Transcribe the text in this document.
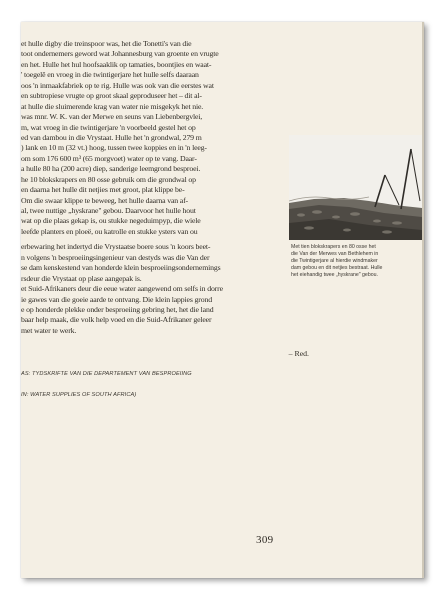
et hulle digby die treinspoor was, het die Tonetti's van die
toot ondernemers geword wat Johannesburg van groente en vrugte
en het. Hulle het hul hoofsaaklik op tamaties, boontjies en waat-
' toegelê en vroeg in die twintigerjare het hulle selfs daaraan
oos 'n inmaakfabriek op te rig. Hulle was ook van die eerstes wat
en subtropiese vrugte op groot skaal geproduseer het – dit al-
at hulle die sluimerende krag van water nie misgekyk het nie.
was mnr. W. K. van der Merwe en seuns van Liebenbergvlei,
m, wat vroeg in die twintigerjare 'n voorbeeld gestel het op
ed van dambou in die Vrystaat. Hulle het 'n grondwal, 279 m
) lank en 10 m (32 vt.) hoog, tussen twee koppies en in 'n leeg-
om som 176 600 m³ (65 morgvoet) water op te vang. Daar-
a hulle 80 ha (200 acre) diep, sanderige leemgrond besproei.
he 10 blokskrapers en 80 osse gebruik om die grondwal op
en daarna het hulle dit netjies met groot, plat klippe be-
Om die swaar klippe te beweeg, het hulle daarna van af-
al, twee nuttige „hyskrane" gebou. Daarvoor het hulle hout
wat op die plaas gekap is, ou stukke negeduimpyp, die wiele
leefde planters en ploeë, ou katrolle en stukke ysters van ou
erbewaring het indertyd die Vrystaatse boere sous 'n koors beet-
n volgens 'n besproeiingsingenieur van destyds was die Van der
se dam kenskestend van honderde klein besproeiingsondernemings
rsdeur die Vrystaat op plase aangepak is.
et Suid-Afrikaners deur die eeue water aangewend om selfs in dorre
ie gawes van die goeie aarde te ontvang. Die klein lappies grond
e op honderde plekke onder besproeiing gebring het, het die land
baar help maak, die volk help voed en die Suid-Afrikaner geleer
met water te werk.
– Red.
AS: TYDSKRIFTE VAN DIE DEPARTEMENT VAN BESPROEIING
IN: WATER SUPPLIES OF SOUTH AFRICA)
Met tien blokskrapers en 80 osse het
die Van der Merwes van Bethlehem in
die Twintigerjare al hierdie windmaker
dam gebou en dit netjies bestraat. Hulle
het eiehandig twee „hyskrane" gebou.
309
